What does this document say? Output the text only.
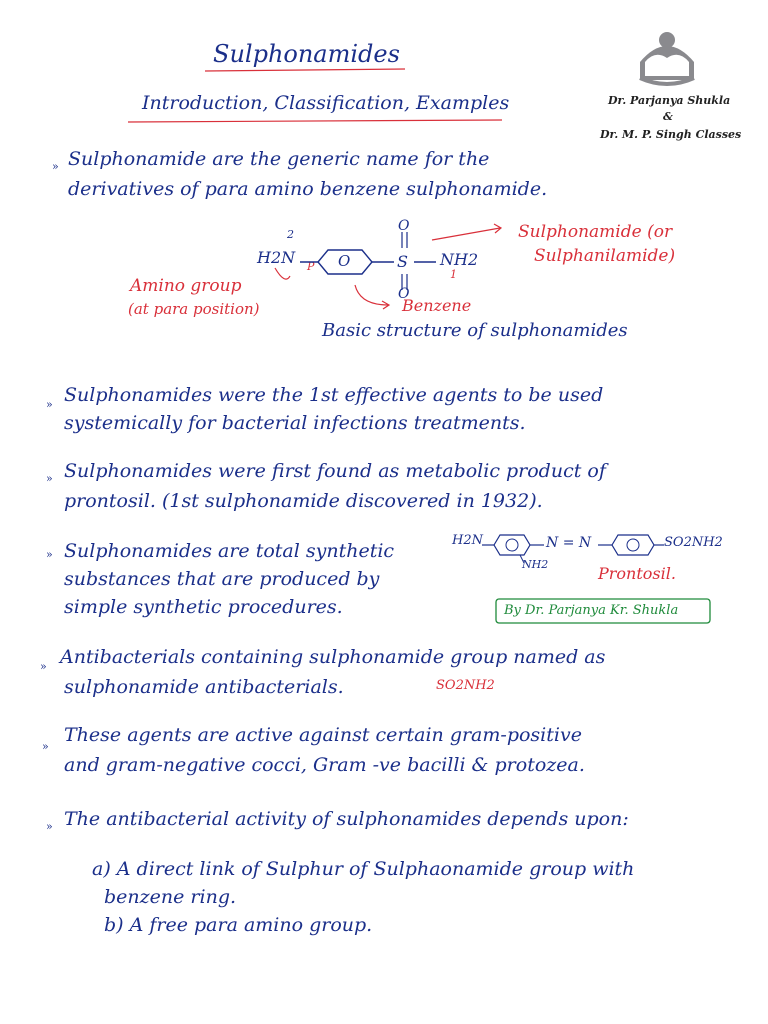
Sulphonamides
Introduction, Classification, Examples	Dr. Parjanya Shukla
&
Dr. M. P. Singh Classes
» Sulphonamide are the generic name for the
derivatives of para amino benzene sulphonamide.
2
H2N P O
O
S
O
NH2
1
Sulphonamide (or
Sulphanilamide)
Amino group
(at para position)	Benzene
Basic structure of sulphonamides
» Sulphonamides were the 1st effective agents to be used
systemically for bacterial infections treatments.
» Sulphonamides were first found as metabolic product of
prontosil. (1st sulphonamide discovered in 1932).
» Sulphonamides are total synthetic
substances that are produced by
simple synthetic procedures.
H2N	N = N	SO2NH2
NH2	Prontosil.
By Dr. Parjanya Kr. Shukla
» Antibacterials containing sulphonamide group named as
sulphonamide antibacterials.	SO2NH2
»
These agents are active against certain gram-positive
and gram-negative cocci, Gram -ve bacilli & protozea.
» The antibacterial activity of sulphonamides depends upon:
a) A direct link of Sulphur of Sulphaonamide group with
benzene ring.
b) A free para amino group.
